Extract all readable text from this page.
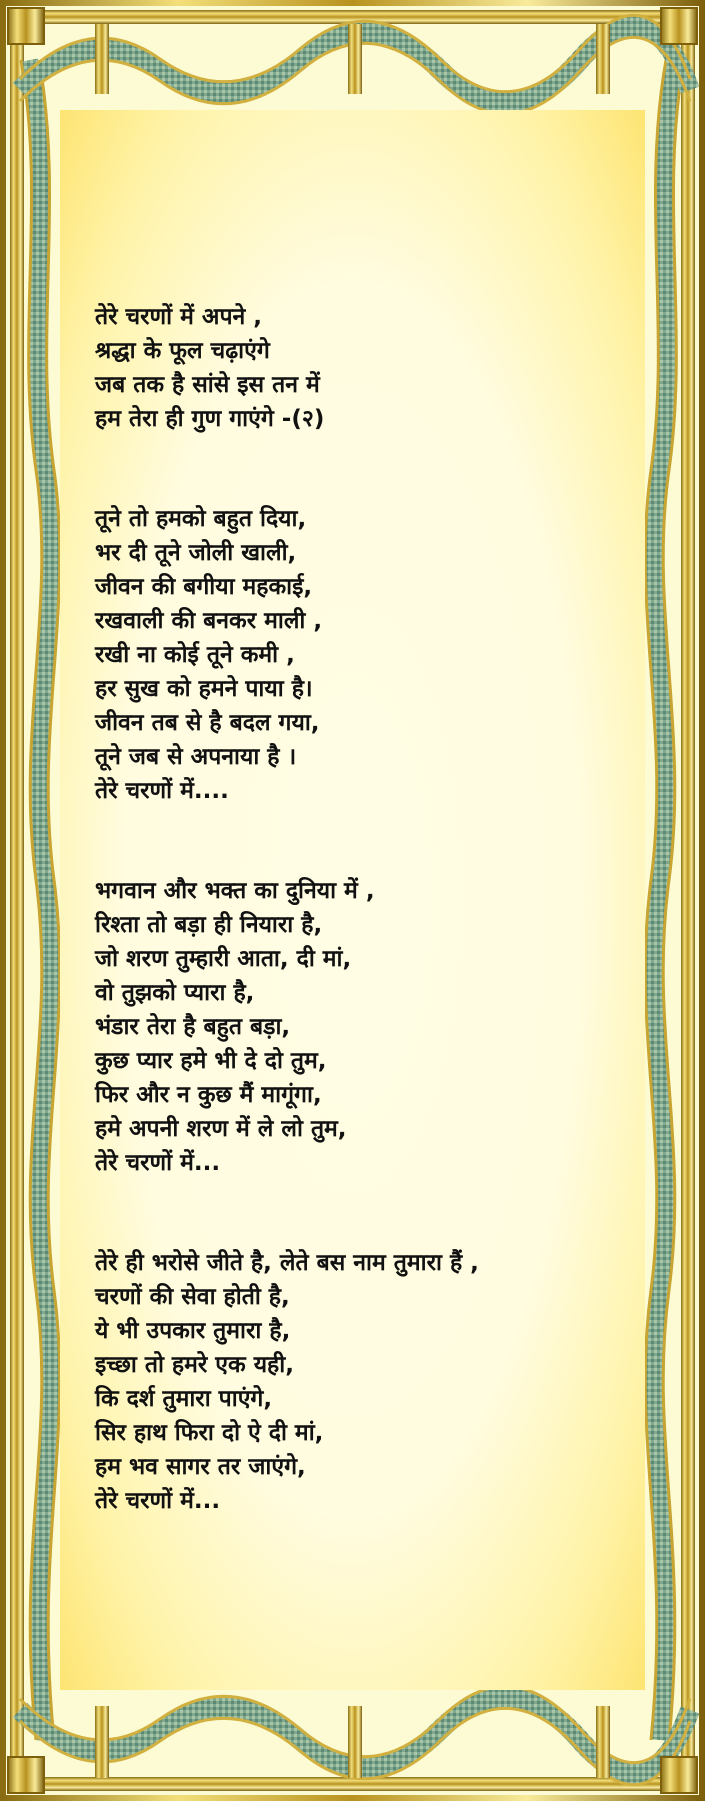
तेरे चरणों में अपने ,
श्रद्धा के फूल चढ़ाएंगे
जब तक है सांसे इस तन में
हम तेरा ही गुण गाएंगे -(२)
तूने तो हमको बहुत दिया,
भर दी तूने जोली खाली,
जीवन की बगीया महकाई,
रखवाली की बनकर माली ,
रखी ना कोई तूने कमी ,
हर सुख को हमने पाया है।
जीवन तब से है बदल गया,
तूने जब से अपनाया है ।
तेरे चरणों में....
भगवान और भक्त का दुनिया में ,
रिश्ता तो बड़ा ही नियारा है,
जो शरण तुम्हारी आता, दी मां,
वो तुझको प्यारा है,
भंडार तेरा है बहुत बड़ा,
कुछ प्यार हमे भी दे दो तुम,
फिर और न कुछ मैं मागूंगा,
हमे अपनी शरण में ले लो तुम,
तेरे चरणों में...
तेरे ही भरोसे जीते है, लेते बस नाम तुमारा हैं ,
चरणों की सेवा होती है,
ये भी उपकार तुमारा है,
इच्छा तो हमरे एक यही,
कि दर्श तुमारा पाएंगे,
सिर हाथ फिरा दो ऐ दी मां,
हम भव सागर तर जाएंगे,
तेरे चरणों में...
